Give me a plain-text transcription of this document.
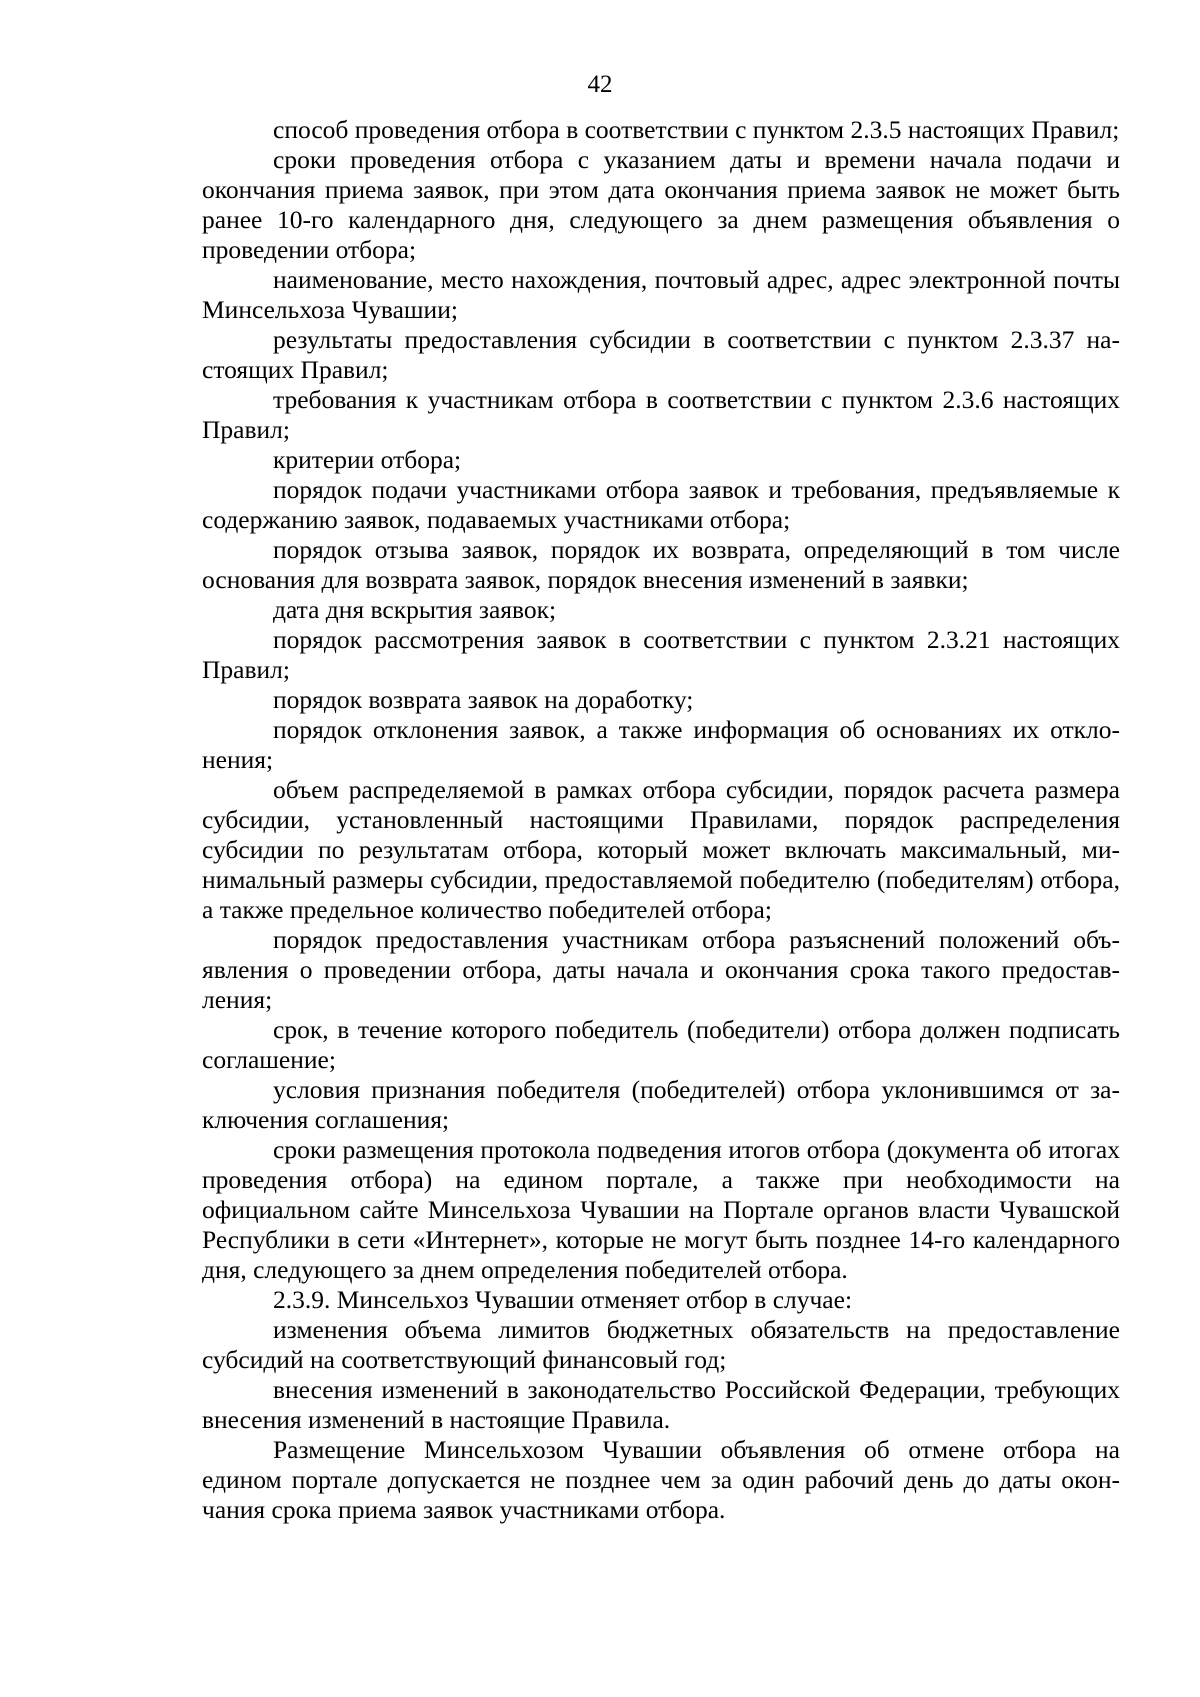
42

способ проведения отбора в соответствии с пунктом 2.3.5 настоящих Правил;

сроки проведения отбора с указанием даты и времени начала подачи и окончания приема заявок, при этом дата окончания приема заявок не может быть ранее 10-го календарного дня, следующего за днем размещения объявления о проведении отбора;

наименование, место нахождения, почтовый адрес, адрес электронной почты Минсельхоза Чувашии;

результаты предоставления субсидии в соответствии с пунктом 2.3.37 настоящих Правил;

требования к участникам отбора в соответствии с пунктом 2.3.6 настоящих Правил;

критерии отбора;

порядок подачи участниками отбора заявок и требования, предъявляемые к содержанию заявок, подаваемых участниками отбора;

порядок отзыва заявок, порядок их возврата, определяющий в том числе основания для возврата заявок, порядок внесения изменений в заявки;

дата дня вскрытия заявок;

порядок рассмотрения заявок в соответствии с пунктом 2.3.21 настоящих Правил;

порядок возврата заявок на доработку;

порядок отклонения заявок, а также информация об основаниях их отклонения;

объем распределяемой в рамках отбора субсидии, порядок расчета размера субсидии, установленный настоящими Правилами, порядок распределения субсидии по результатам отбора, который может включать максимальный, минимальный размеры субсидии, предоставляемой победителю (победителям) отбора, а также предельное количество победителей отбора;

порядок предоставления участникам отбора разъяснений положений объявления о проведении отбора, даты начала и окончания срока такого предоставления;

срок, в течение которого победитель (победители) отбора должен подписать соглашение;

условия признания победителя (победителей) отбора уклонившимся от заключения соглашения;

сроки размещения протокола подведения итогов отбора (документа об итогах проведения отбора) на едином портале, а также при необходимости на официальном сайте Минсельхоза Чувашии на Портале органов власти Чувашской Республики в сети «Интернет», которые не могут быть позднее 14-го календарного дня, следующего за днем определения победителей отбора.

2.3.9. Минсельхоз Чувашии отменяет отбор в случае:

изменения объема лимитов бюджетных обязательств на предоставление субсидий на соответствующий финансовый год;

внесения изменений в законодательство Российской Федерации, требующих внесения изменений в настоящие Правила.

Размещение Минсельхозом Чувашии объявления об отмене отбора на едином портале допускается не позднее чем за один рабочий день до даты окончания срока приема заявок участниками отбора.
